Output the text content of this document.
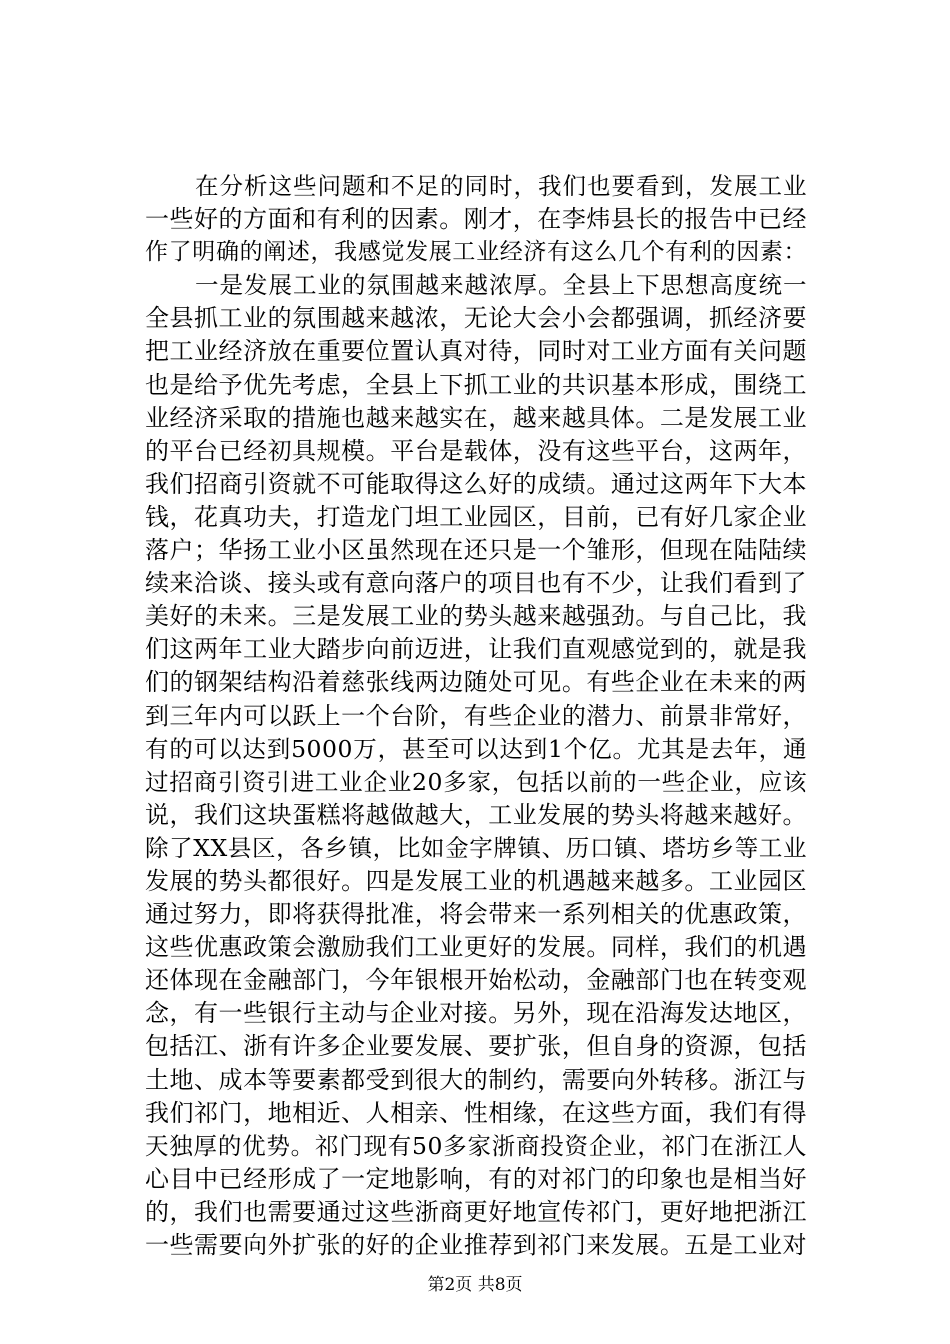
在分析这些问题和不足的同时，我们也要看到，发展工业
一些好的方面和有利的因素。刚才，在李炜县长的报告中已经
作了明确的阐述，我感觉发展工业经济有这么几个有利的因素：
一是发展工业的氛围越来越浓厚。全县上下思想高度统一
全县抓工业的氛围越来越浓，无论大会小会都强调，抓经济要
把工业经济放在重要位置认真对待，同时对工业方面有关问题
也是给予优先考虑，全县上下抓工业的共识基本形成，围绕工
业经济采取的措施也越来越实在，越来越具体。二是发展工业
的平台已经初具规模。平台是载体，没有这些平台，这两年，
我们招商引资就不可能取得这么好的成绩。通过这两年下大本
钱，花真功夫，打造龙门坦工业园区，目前，已有好几家企业
落户；华扬工业小区虽然现在还只是一个雏形，但现在陆陆续
续来洽谈、接头或有意向落户的项目也有不少，让我们看到了
美好的未来。三是发展工业的势头越来越强劲。与自己比，我
们这两年工业大踏步向前迈进，让我们直观感觉到的，就是我
们的钢架结构沿着慈张线两边随处可见。有些企业在未来的两
到三年内可以跃上一个台阶，有些企业的潜力、前景非常好，
有的可以达到5000万，甚至可以达到1个亿。尤其是去年，通
过招商引资引进工业企业20多家，包括以前的一些企业，应该
说，我们这块蛋糕将越做越大，工业发展的势头将越来越好。
除了XX县区，各乡镇，比如金字牌镇、历口镇、塔坊乡等工业
发展的势头都很好。四是发展工业的机遇越来越多。工业园区
通过努力，即将获得批准，将会带来一系列相关的优惠政策，
这些优惠政策会激励我们工业更好的发展。同样，我们的机遇
还体现在金融部门，今年银根开始松动，金融部门也在转变观
念，有一些银行主动与企业对接。另外，现在沿海发达地区，
包括江、浙有许多企业要发展、要扩张，但自身的资源，包括
土地、成本等要素都受到很大的制约，需要向外转移。浙江与
我们祁门，地相近、人相亲、性相缘，在这些方面，我们有得
天独厚的优势。祁门现有50多家浙商投资企业，祁门在浙江人
心目中已经形成了一定地影响，有的对祁门的印象也是相当好
的，我们也需要通过这些浙商更好地宣传祁门，更好地把浙江
一些需要向外扩张的好的企业推荐到祁门来发展。五是工业对
第2页 共8页
